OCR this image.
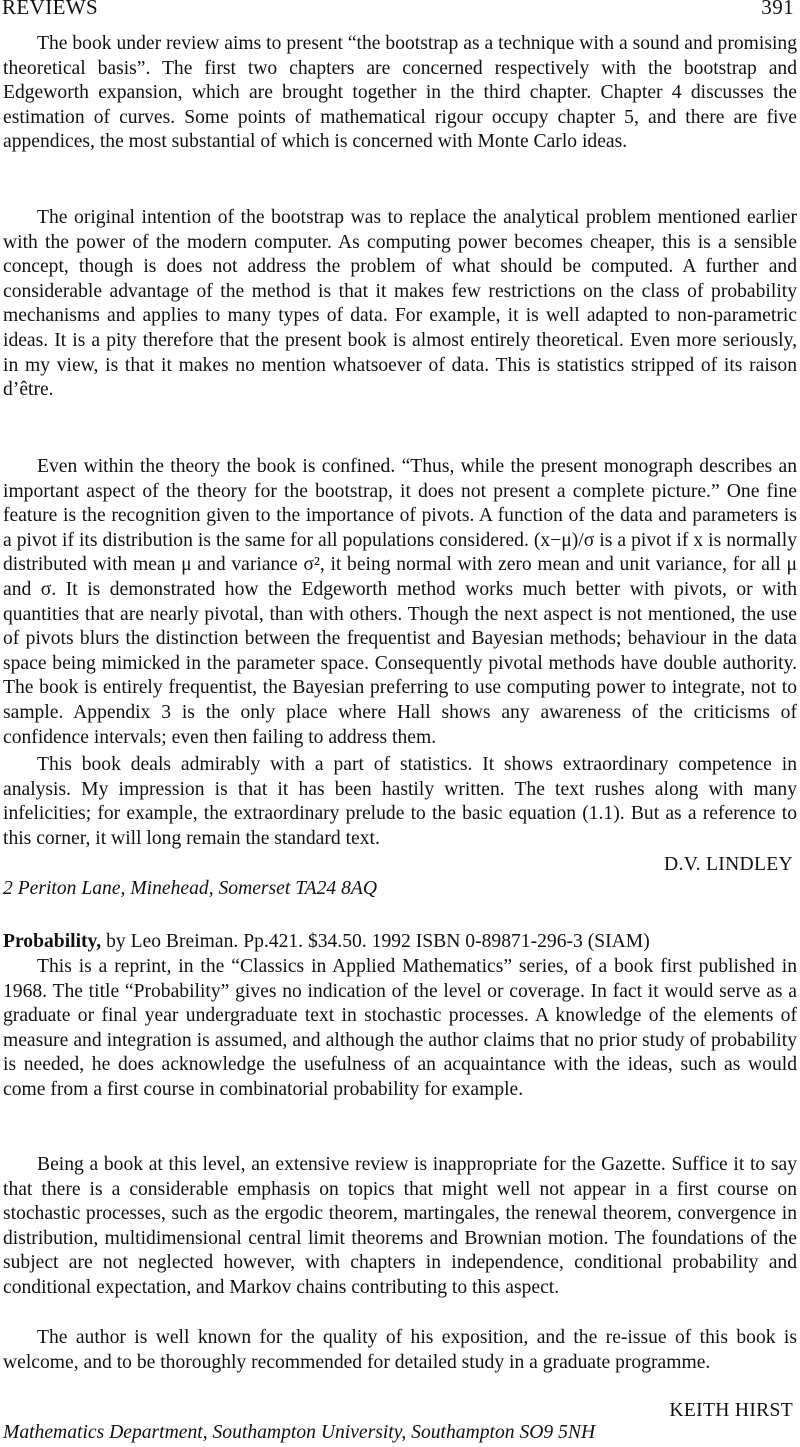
REVIEWS	391

The book under review aims to present “the bootstrap as a technique with a sound and promising theoretical basis”. The first two chapters are concerned respectively with the bootstrap and Edgeworth expansion, which are brought together in the third chapter. Chapter 4 discusses the estimation of curves. Some points of mathematical rigour occupy chapter 5, and there are five appendices, the most substantial of which is concerned with Monte Carlo ideas.

The original intention of the bootstrap was to replace the analytical problem mentioned earlier with the power of the modern computer. As computing power becomes cheaper, this is a sensible concept, though is does not address the problem of what should be computed. A further and considerable advantage of the method is that it makes few restrictions on the class of probability mechanisms and applies to many types of data. For example, it is well adapted to non-parametric ideas. It is a pity therefore that the present book is almost entirely theoretical. Even more seriously, in my view, is that it makes no mention whatsoever of data. This is statistics stripped of its raison d’être.

Even within the theory the book is confined. “Thus, while the present monograph describes an important aspect of the theory for the bootstrap, it does not present a complete picture.” One fine feature is the recognition given to the importance of pivots. A function of the data and parameters is a pivot if its distribution is the same for all populations considered. (x−μ)/σ is a pivot if x is normally distributed with mean μ and variance σ², it being normal with zero mean and unit variance, for all μ and σ. It is demonstrated how the Edgeworth method works much better with pivots, or with quantities that are nearly pivotal, than with others. Though the next aspect is not mentioned, the use of pivots blurs the distinction between the frequentist and Bayesian methods; behaviour in the data space being mimicked in the parameter space. Consequently pivotal methods have double authority. The book is entirely frequentist, the Bayesian preferring to use computing power to integrate, not to sample. Appendix 3 is the only place where Hall shows any awareness of the criticisms of confidence intervals; even then failing to address them.

This book deals admirably with a part of statistics. It shows extraordinary competence in analysis. My impression is that it has been hastily written. The text rushes along with many infelicities; for example, the extraordinary prelude to the basic equation (1.1). But as a reference to this corner, it will long remain the standard text.

D.V. LINDLEY

2 Periton Lane, Minehead, Somerset TA24 8AQ

Probability, by Leo Breiman. Pp.421. $34.50. 1992 ISBN 0-89871-296-3 (SIAM)

This is a reprint, in the “Classics in Applied Mathematics” series, of a book first published in 1968. The title “Probability” gives no indication of the level or coverage. In fact it would serve as a graduate or final year undergraduate text in stochastic processes. A knowledge of the elements of measure and integration is assumed, and although the author claims that no prior study of probability is needed, he does acknowledge the usefulness of an acquaintance with the ideas, such as would come from a first course in combinatorial probability for example.

Being a book at this level, an extensive review is inappropriate for the Gazette. Suffice it to say that there is a considerable emphasis on topics that might well not appear in a first course on stochastic processes, such as the ergodic theorem, martingales, the renewal theorem, convergence in distribution, multidimensional central limit theorems and Brownian motion. The foundations of the subject are not neglected however, with chapters in independence, conditional probability and conditional expectation, and Markov chains contributing to this aspect.

The author is well known for the quality of his exposition, and the re-issue of this book is welcome, and to be thoroughly recommended for detailed study in a graduate programme.

KEITH HIRST

Mathematics Department, Southampton University, Southampton SO9 5NH
